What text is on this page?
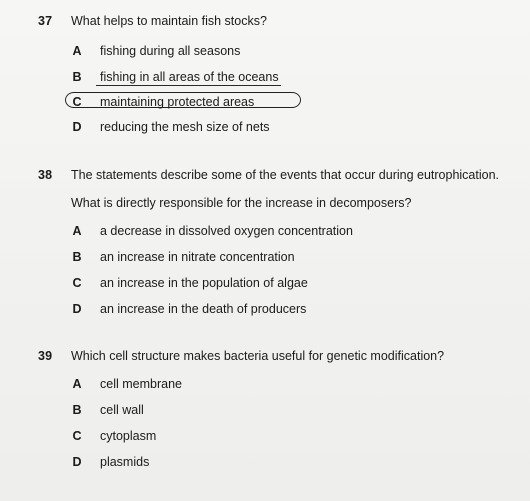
37 What helps to maintain fish stocks?
A fishing during all seasons
B fishing in all areas of the oceans
C maintaining protected areas
D reducing the mesh size of nets
38 The statements describe some of the events that occur during eutrophication.
What is directly responsible for the increase in decomposers?
A a decrease in dissolved oxygen concentration
B an increase in nitrate concentration
C an increase in the population of algae
D an increase in the death of producers
39 Which cell structure makes bacteria useful for genetic modification?
A cell membrane
B cell wall
C cytoplasm
D plasmids
